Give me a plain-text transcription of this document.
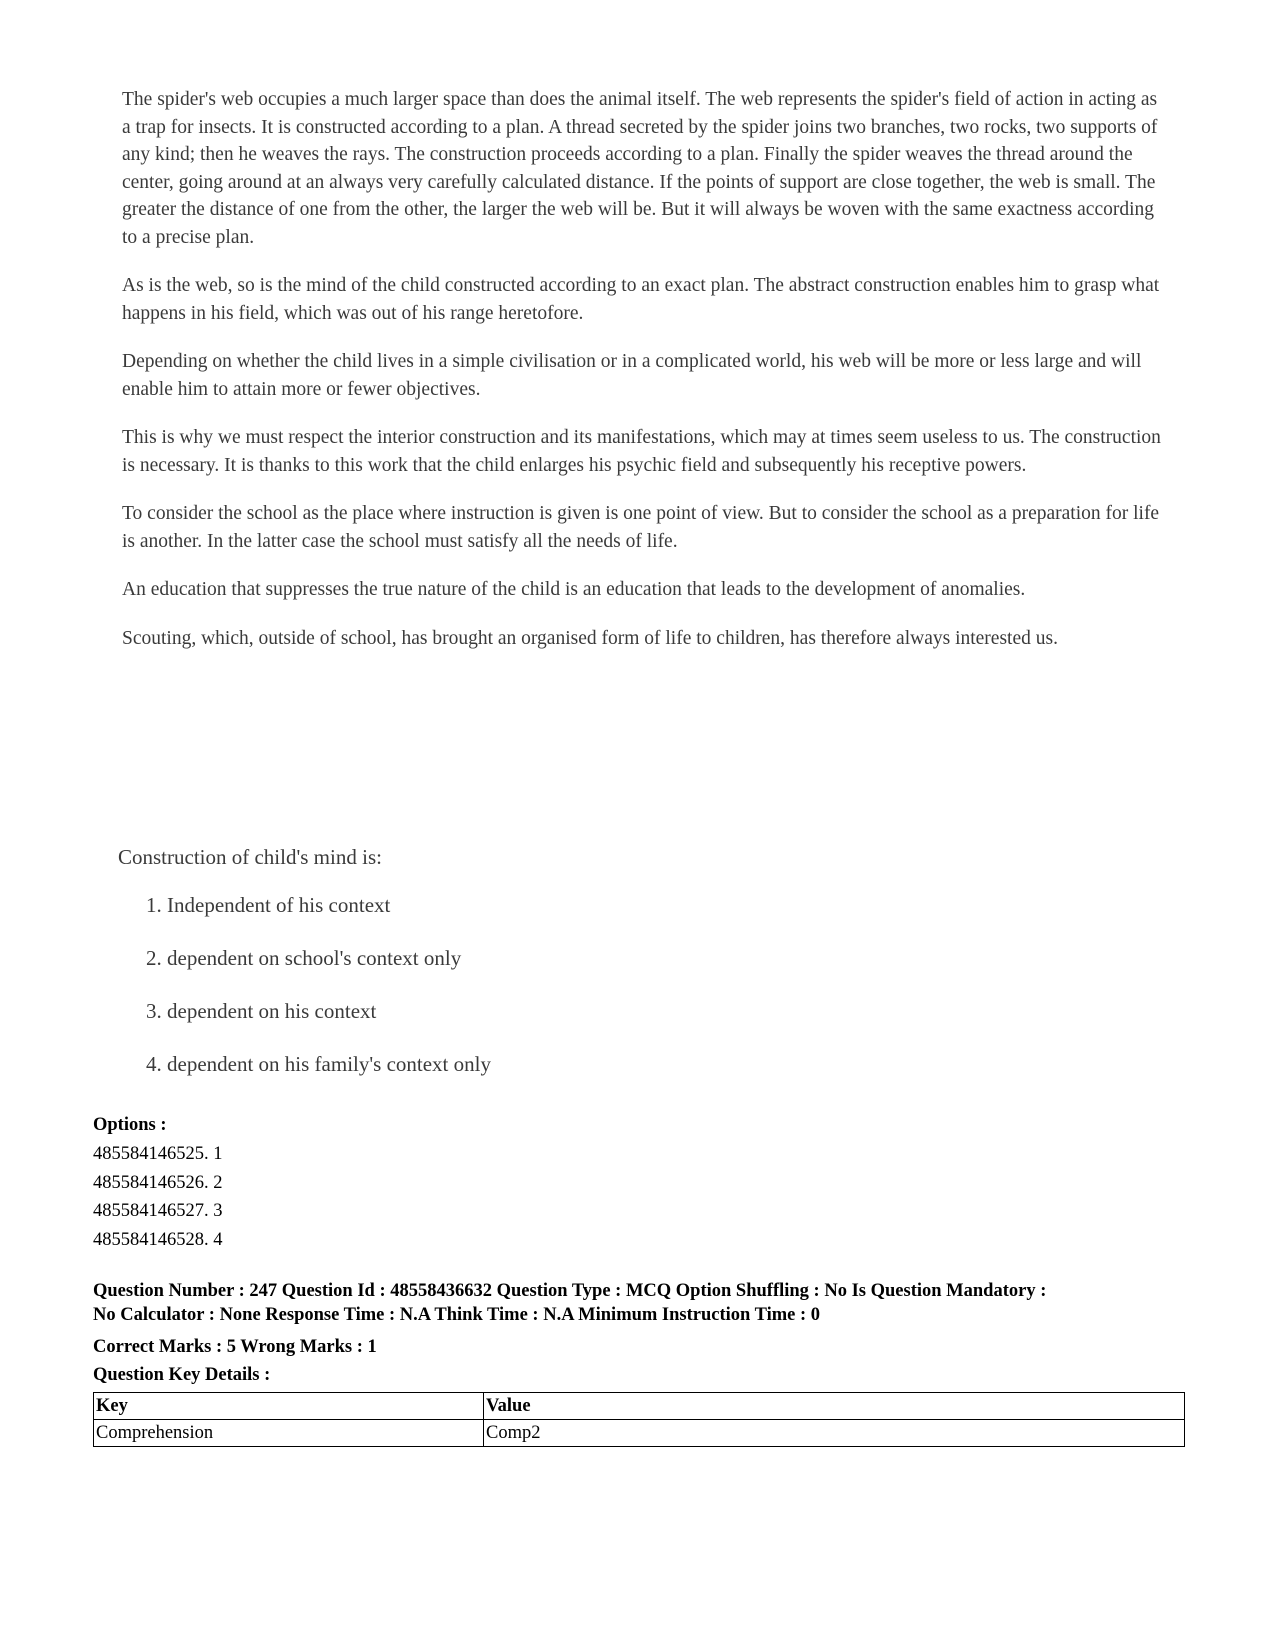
The spider's web occupies a much larger space than does the animal itself. The web represents the spider's field of action in acting as a trap for insects. It is constructed according to a plan. A thread secreted by the spider joins two branches, two rocks, two supports of any kind; then he weaves the rays. The construction proceeds according to a plan. Finally the spider weaves the thread around the center, going around at an always very carefully calculated distance. If the points of support are close together, the web is small. The greater the distance of one from the other, the larger the web will be. But it will always be woven with the same exactness according to a precise plan.

As is the web, so is the mind of the child constructed according to an exact plan. The abstract construction enables him to grasp what happens in his field, which was out of his range heretofore.

Depending on whether the child lives in a simple civilisation or in a complicated world, his web will be more or less large and will enable him to attain more or fewer objectives.

This is why we must respect the interior construction and its manifestations, which may at times seem useless to us. The construction is necessary. It is thanks to this work that the child enlarges his psychic field and subsequently his receptive powers.

To consider the school as the place where instruction is given is one point of view. But to consider the school as a preparation for life is another. In the latter case the school must satisfy all the needs of life.

An education that suppresses the true nature of the child is an education that leads to the development of anomalies.

Scouting, which, outside of school, has brought an organised form of life to children, has therefore always interested us.

Construction of child's mind is:
1. Independent of his context
2. dependent on school's context only
3. dependent on his context
4. dependent on his family's context only
Options :
485584146525. 1
485584146526. 2
485584146527. 3
485584146528. 4
Question Number : 247 Question Id : 48558436632 Question Type : MCQ Option Shuffling : No Is Question Mandatory :
No Calculator : None Response Time : N.A Think Time : N.A Minimum Instruction Time : 0
Correct Marks : 5 Wrong Marks : 1
Question Key Details :
Key	Value
Comprehension	Comp2
